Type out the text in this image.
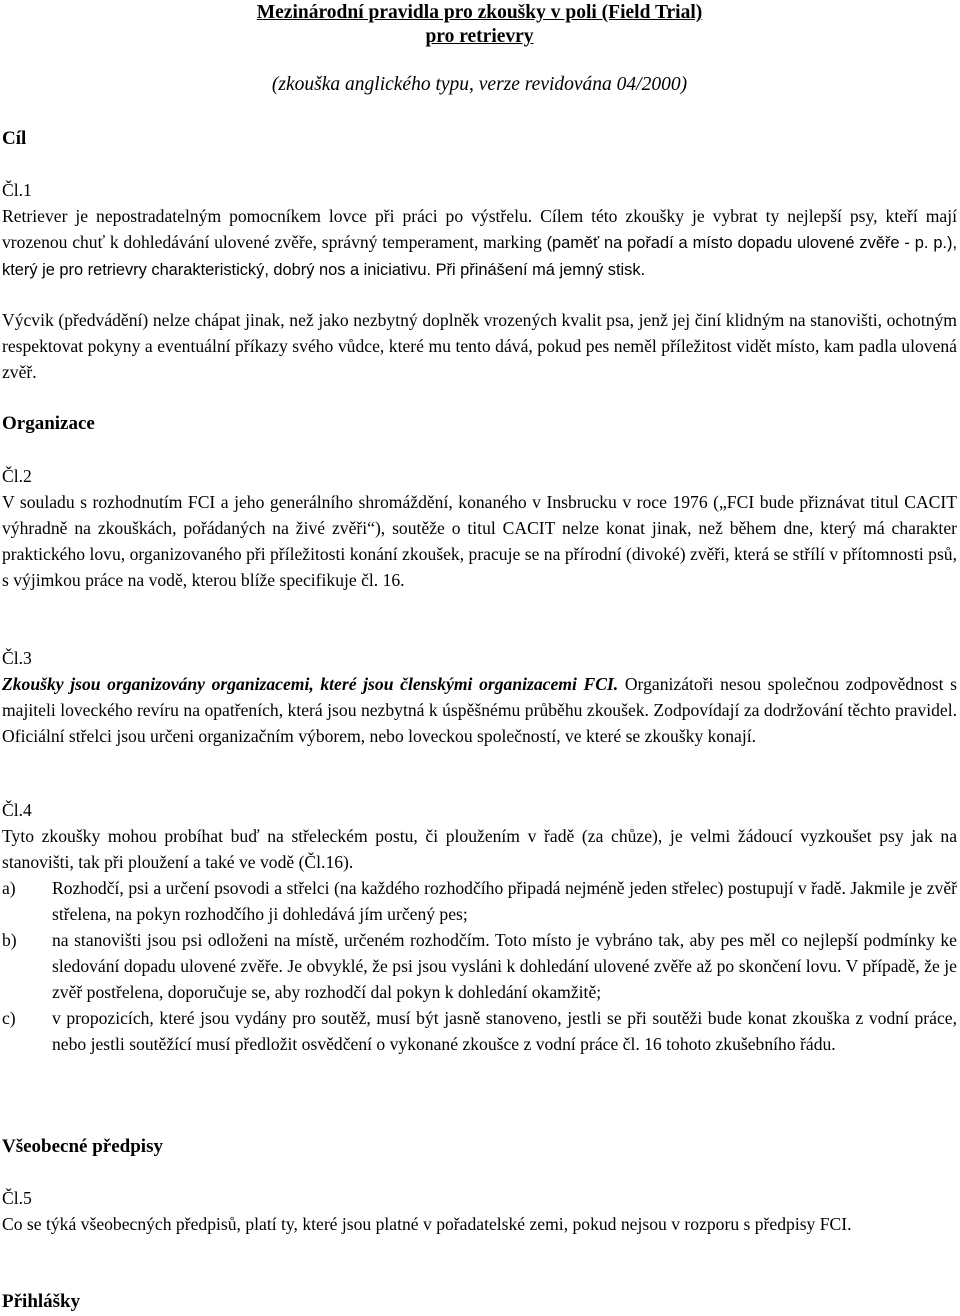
Mezinárodní pravidla pro zkoušky v poli (Field Trial)
pro retrievry
(zkouška anglického typu, verze revidována 04/2000)
Cíl
Čl.1

Retriever je nepostradatelným pomocníkem lovce při práci po výstřelu. Cílem této zkoušky je vybrat ty nejlepší psy, kteří mají vrozenou chuť k dohledávání ulovené zvěře, správný temperament, marking (paměť na pořadí a místo dopadu ulovené zvěře - p. p.), který je pro retrievry charakteristický, dobrý nos a iniciativu. Při přinášení má jemný stisk.

Výcvik (předvádění) nelze chápat jinak, než jako nezbytný doplněk vrozených kvalit psa, jenž jej činí klidným na stanovišti, ochotným respektovat pokyny a eventuální příkazy svého vůdce, které mu tento dává, pokud pes neměl příležitost vidět místo, kam padla ulovená zvěř.

Organizace
Čl.2

V souladu s rozhodnutím FCI a jeho generálního shromáždění, konaného v Insbrucku v roce 1976 („FCI bude přiznávat titul CACIT výhradně na zkouškách, pořádaných na živé zvěři“), soutěže o titul CACIT nelze konat jinak, než během dne, který má charakter praktického lovu, organizovaného při příležitosti konání zkoušek, pracuje se na přírodní (divoké) zvěři, která se střílí v přítomnosti psů, s výjimkou práce na vodě, kterou blíže specifikuje čl. 16.

Čl.3

Zkoušky jsou organizovány organizacemi, které jsou členskými organizacemi FCI. Organizátoři nesou společnou zodpovědnost s majiteli loveckého revíru na opatřeních, která jsou nezbytná k úspěšnému průběhu zkoušek. Zodpovídají za dodržování těchto pravidel. Oficiální střelci jsou určeni organizačním výborem, nebo loveckou společností, ve které se zkoušky konají.

Čl.4

Tyto zkoušky mohou probíhat buď na střeleckém postu, či ploužením v řadě (za chůze), je velmi žádoucí vyzkoušet psy jak na stanovišti, tak při ploužení a také ve vodě (Čl.16).

a)	Rozhodčí, psi a určení psovodi a střelci (na každého rozhodčího připadá nejméně jeden střelec) postupují v řadě. Jakmile je zvěř střelena, na pokyn rozhodčího ji dohledává jím určený pes;
b)	na stanovišti jsou psi odloženi na místě, určeném rozhodčím. Toto místo je vybráno tak, aby pes měl co nejlepší podmínky ke sledování dopadu ulovené zvěře. Je obvyklé, že psi jsou vysláni k dohledání ulovené zvěře až po skončení lovu. V případě, že je zvěř postřelena, doporučuje se, aby rozhodčí dal pokyn k dohledání okamžitě;
c)	v propozicích, které jsou vydány pro soutěž, musí být jasně stanoveno, jestli se při soutěži bude konat zkouška z vodní práce, nebo jestli soutěžící musí předložit osvědčení o vykonané zkoušce z vodní práce čl. 16 tohoto zkušebního řádu.
Všeobecné předpisy
Čl.5

Co se týká všeobecných předpisů, platí ty, které jsou platné v pořadatelské zemi, pokud nejsou v rozporu s předpisy FCI.

Přihlášky
